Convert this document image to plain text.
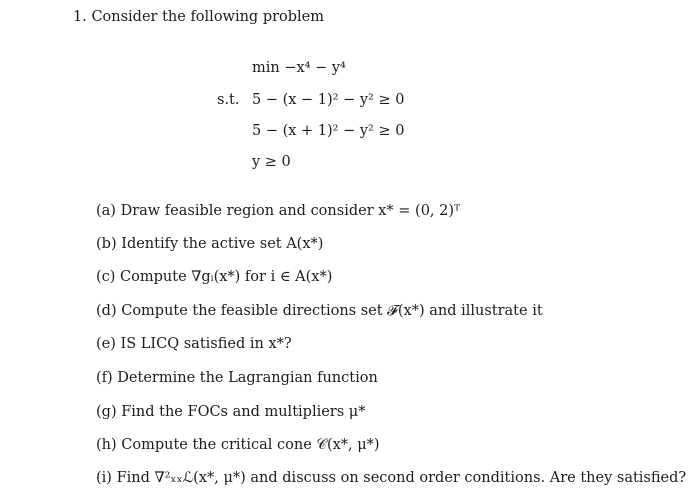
1. Consider the following problem
min −x⁴ − y⁴
s.t. 5 − (x − 1)² − y² ≥ 0
5 − (x + 1)² − y² ≥ 0
y ≥ 0
(a) Draw feasible region and consider x* = (0, 2)ᵀ
(b) Identify the active set A(x*)
(c) Compute ∇gᵢ(x*) for i ∈ A(x*)
(d) Compute the feasible directions set 𝓕(x*) and illustrate it
(e) IS LICQ satisfied in x*?
(f) Determine the Lagrangian function
(g) Find the FOCs and multipliers μ*
(h) Compute the critical cone 𝒞(x*, μ*)
(i) Find ∇²ₓₓℒ(x*, μ*) and discuss on second order conditions. Are they satisfied?
